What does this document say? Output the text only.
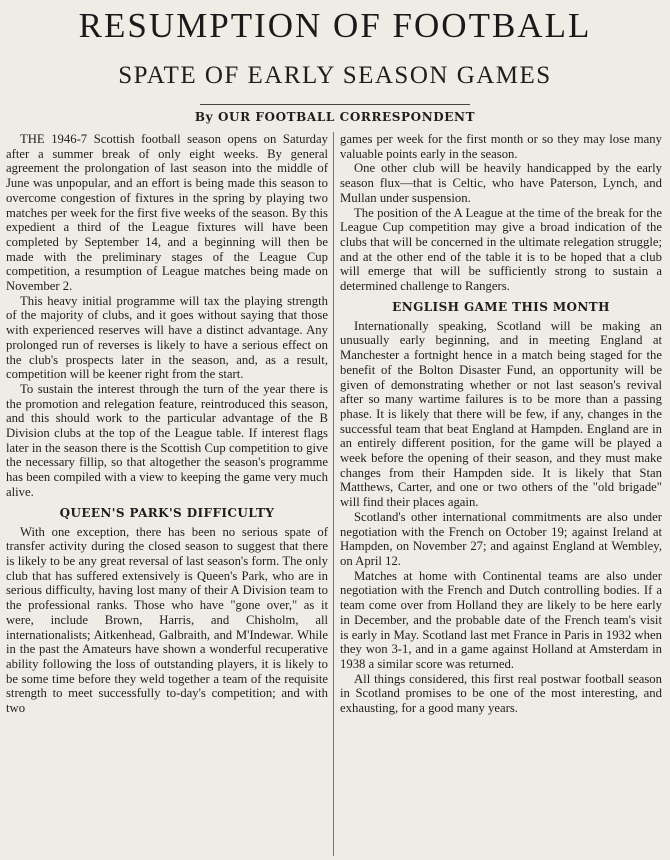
RESUMPTION OF FOOTBALL
SPATE OF EARLY SEASON GAMES
By OUR FOOTBALL CORRESPONDENT

THE 1946-7 Scottish football season opens on Saturday after a summer break of only eight weeks. By general agreement the prolongation of last season into the middle of June was unpopular, and an effort is being made this season to overcome congestion of fixtures in the spring by playing two matches per week for the first five weeks of the season. By this expedient a third of the League fixtures will have been completed by September 14, and a beginning will then be made with the preliminary stages of the League Cup competition, a resumption of League matches being made on November 2.

This heavy initial programme will tax the playing strength of the majority of clubs, and it goes without saying that those with experienced reserves will have a distinct advantage. Any prolonged run of reverses is likely to have a serious effect on the club's prospects later in the season, and, as a result, competition will be keener right from the start.

To sustain the interest through the turn of the year there is the promotion and relegation feature, reintroduced this season, and this should work to the particular advantage of the B Division clubs at the top of the League table. If interest flags later in the season there is the Scottish Cup competition to give the necessary fillip, so that altogether the season's programme has been compiled with a view to keeping the game very much alive.

QUEEN'S PARK'S DIFFICULTY

With one exception, there has been no serious spate of transfer activity during the closed season to suggest that there is likely to be any great reversal of last season's form. The only club that has suffered extensively is Queen's Park, who are in serious difficulty, having lost many of their A Division team to the professional ranks. Those who have "gone over," as it were, include Brown, Harris, and Chisholm, all internationalists; Aitkenhead, Galbraith, and M'Indewar. While in the past the Amateurs have shown a wonderful recuperative ability following the loss of outstanding players, it is likely to be some time before they weld together a team of the requisite strength to meet successfully to-day's competition; and with two

games per week for the first month or so they may lose many valuable points early in the season.

One other club will be heavily handicapped by the early season flux—that is Celtic, who have Paterson, Lynch, and Mullan under suspension.

The position of the A League at the time of the break for the League Cup competition may give a broad indication of the clubs that will be concerned in the ultimate relegation struggle; and at the other end of the table it is to be hoped that a club will emerge that will be sufficiently strong to sustain a determined challenge to Rangers.

ENGLISH GAME THIS MONTH

Internationally speaking, Scotland will be making an unusually early beginning, and in meeting England at Manchester a fortnight hence in a match being staged for the benefit of the Bolton Disaster Fund, an opportunity will be given of demonstrating whether or not last season's revival after so many wartime failures is to be more than a passing phase. It is likely that there will be few, if any, changes in the successful team that beat England at Hampden. England are in an entirely different position, for the game will be played a week before the opening of their season, and they must make changes from their Hampden side. It is likely that Stan Matthews, Carter, and one or two others of the "old brigade" will find their places again.

Scotland's other international commitments are also under negotiation with the French on October 19; against Ireland at Hampden, on November 27; and against England at Wembley, on April 12.

Matches at home with Continental teams are also under negotiation with the French and Dutch controlling bodies. If a team come over from Holland they are likely to be here early in December, and the probable date of the French team's visit is early in May. Scotland last met France in Paris in 1932 when they won 3-1, and in a game against Holland at Amsterdam in 1938 a similar score was returned.

All things considered, this first real postwar football season in Scotland promises to be one of the most interesting, and exhausting, for a good many years.
